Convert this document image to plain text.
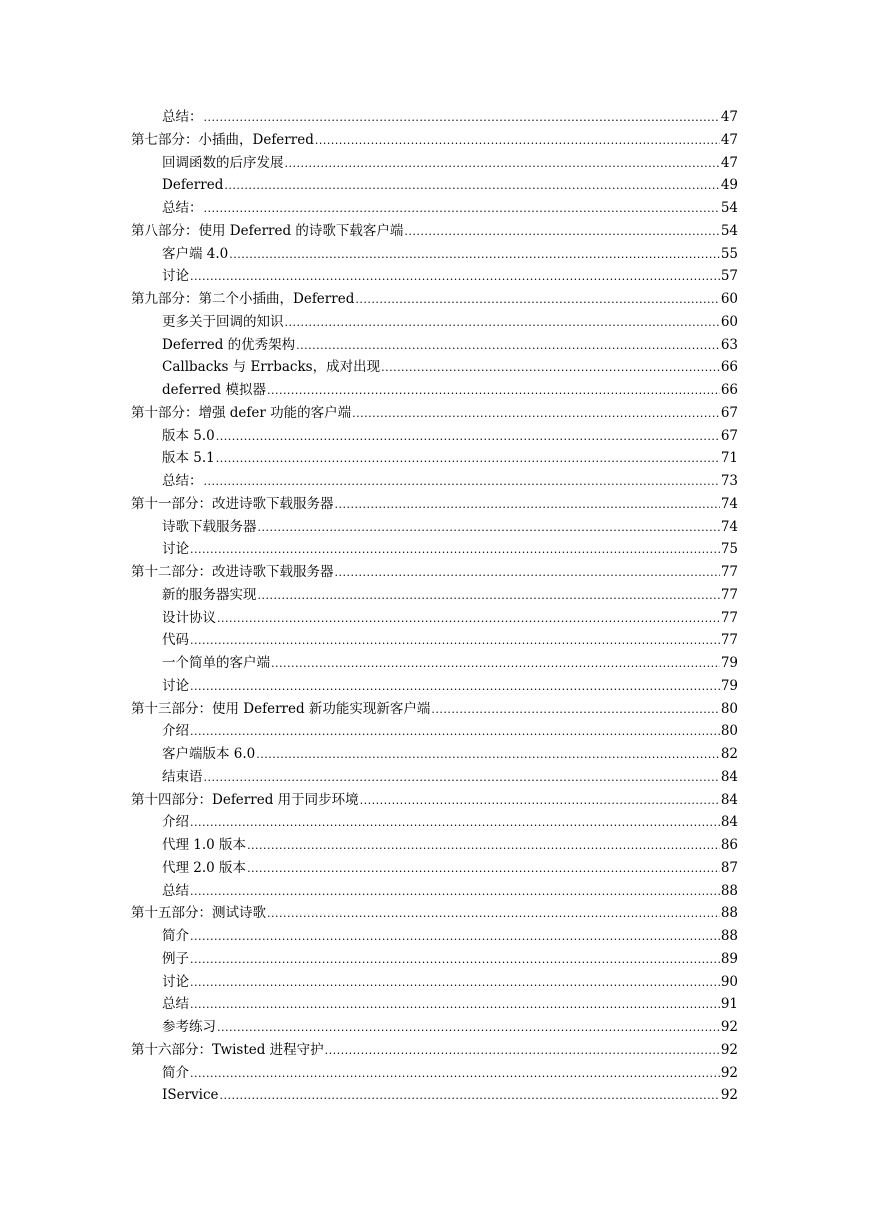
总结： .....	47
第七部分：小插曲，Deferred .....	47
回调函数的后序发展 .....	47
Deferred .....	49
总结： .....	54
第八部分：使用 Deferred 的诗歌下载客户端 .....	54
客户端 4.0 .....	55
讨论 .....	57
第九部分：第二个小插曲，Deferred .....	60
更多关于回调的知识 .....	60
Deferred 的优秀架构 .....	63
Callbacks 与 Errbacks，成对出现 .....	66
deferred 模拟器 .....	66
第十部分：增强 defer 功能的客户端 .....	67
版本 5.0 .....	67
版本 5.1 .....	71
总结： .....	73
第十一部分：改进诗歌下载服务器 .....	74
诗歌下载服务器 .....	74
讨论 .....	75
第十二部分：改进诗歌下载服务器 .....	77
新的服务器实现 .....	77
设计协议 .....	77
代码 .....	77
一个简单的客户端 .....	79
讨论 .....	79
第十三部分：使用 Deferred 新功能实现新客户端 .....	80
介绍 .....	80
客户端版本 6.0 .....	82
结束语 .....	84
第十四部分：Deferred 用于同步环境 .....	84
介绍 .....	84
代理 1.0 版本 .....	86
代理 2.0 版本 .....	87
总结 .....	88
第十五部分：测试诗歌 .....	88
简介 .....	88
例子 .....	89
讨论 .....	90
总结 .....	91
参考练习 .....	92
第十六部分：Twisted 进程守护 .....	92
简介 .....	92
IService .....	92
